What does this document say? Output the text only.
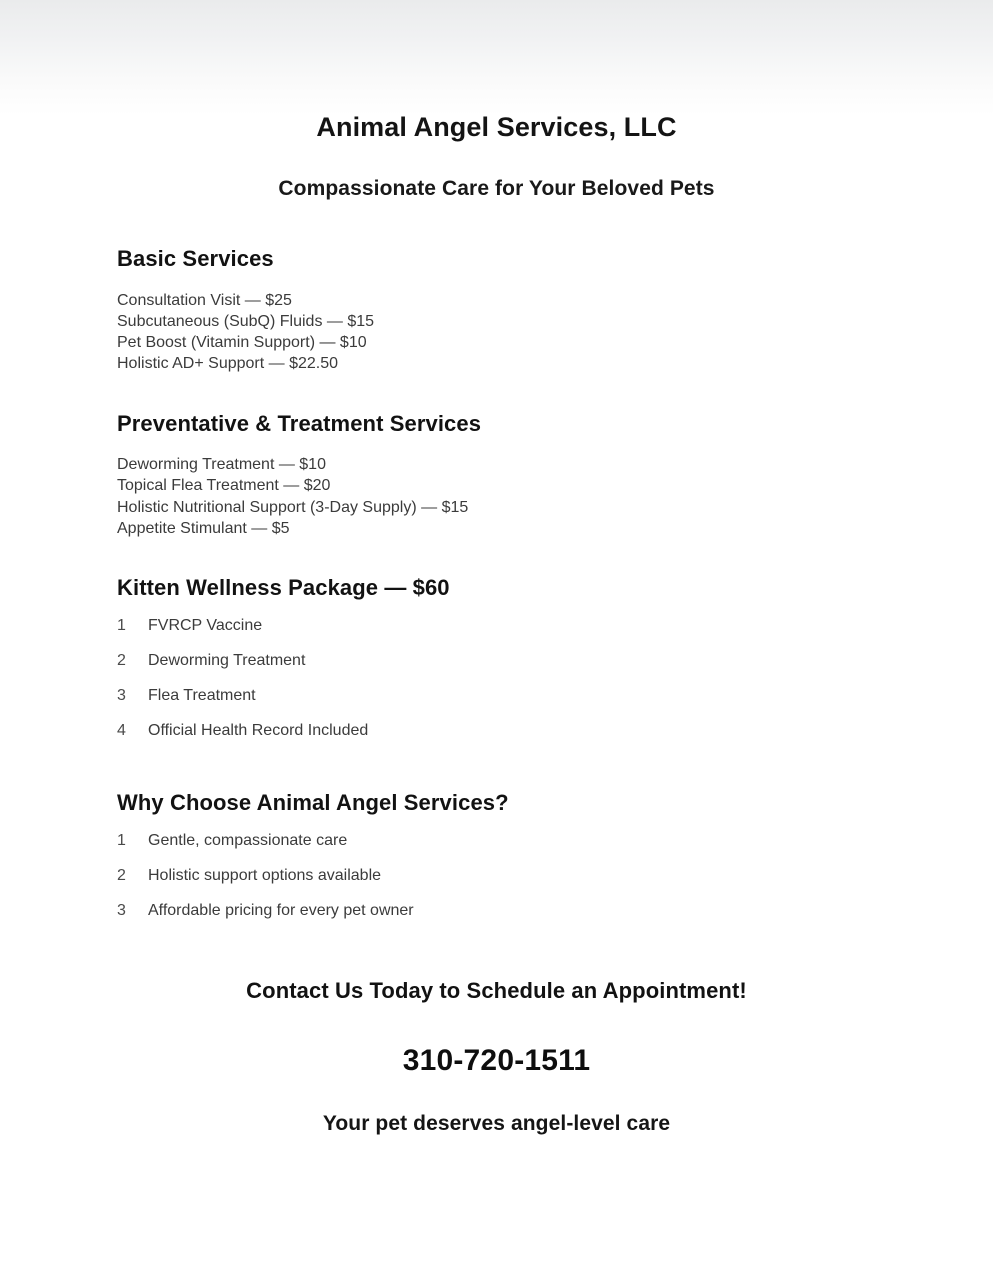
Animal Angel Services, LLC
Compassionate Care for Your Beloved Pets
Basic Services
Consultation Visit — $25
Subcutaneous (SubQ) Fluids — $15
Pet Boost (Vitamin Support) — $10
Holistic AD+ Support — $22.50
Preventative & Treatment Services
Deworming Treatment — $10
Topical Flea Treatment — $20
Holistic Nutritional Support (3-Day Supply) — $15
Appetite Stimulant — $5
Kitten Wellness Package — $60
1	FVRCP Vaccine
2	Deworming Treatment
3	Flea Treatment
4	Official Health Record Included
Why Choose Animal Angel Services?
1	Gentle, compassionate care
2	Holistic support options available
3	Affordable pricing for every pet owner

Contact Us Today to Schedule an Appointment!

310-720-1511

Your pet deserves angel-level care
